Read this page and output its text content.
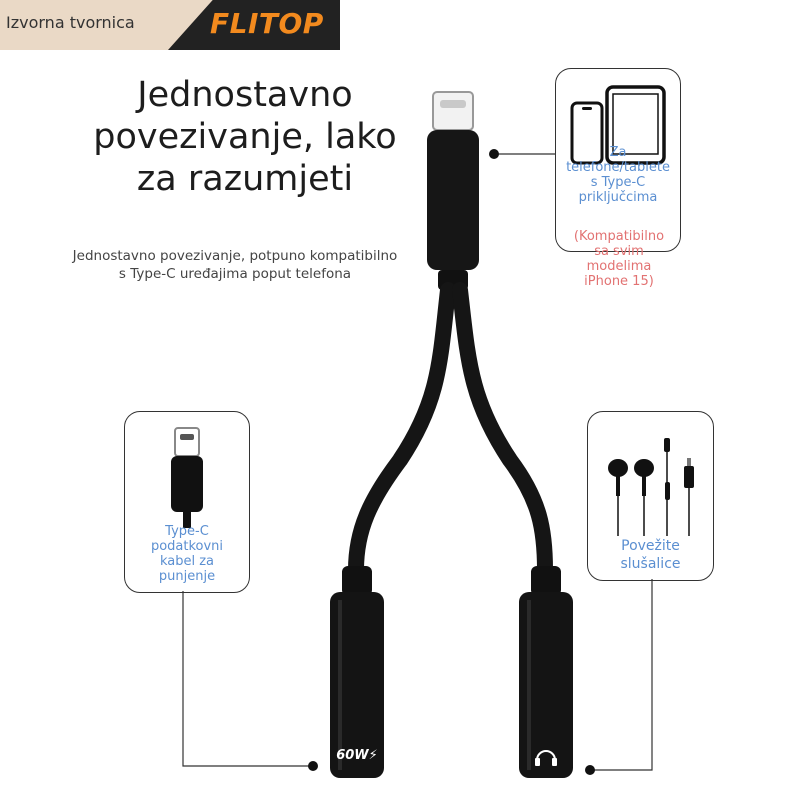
Izvorna tvornica	FLITOP
Jednostavno
povezivanje, lako
za razumjeti
Jednostavno povezivanje, potpuno kompatibilno
s Type-C uređajima poput telefona
Za
telefone/tablete
s Type-C
priključcima
(Kompatibilno
sa svim
modelima
iPhone 15)
Type-C
podatkovni
kabel za
punjenje
Povežite
slušalice
60W⚡
